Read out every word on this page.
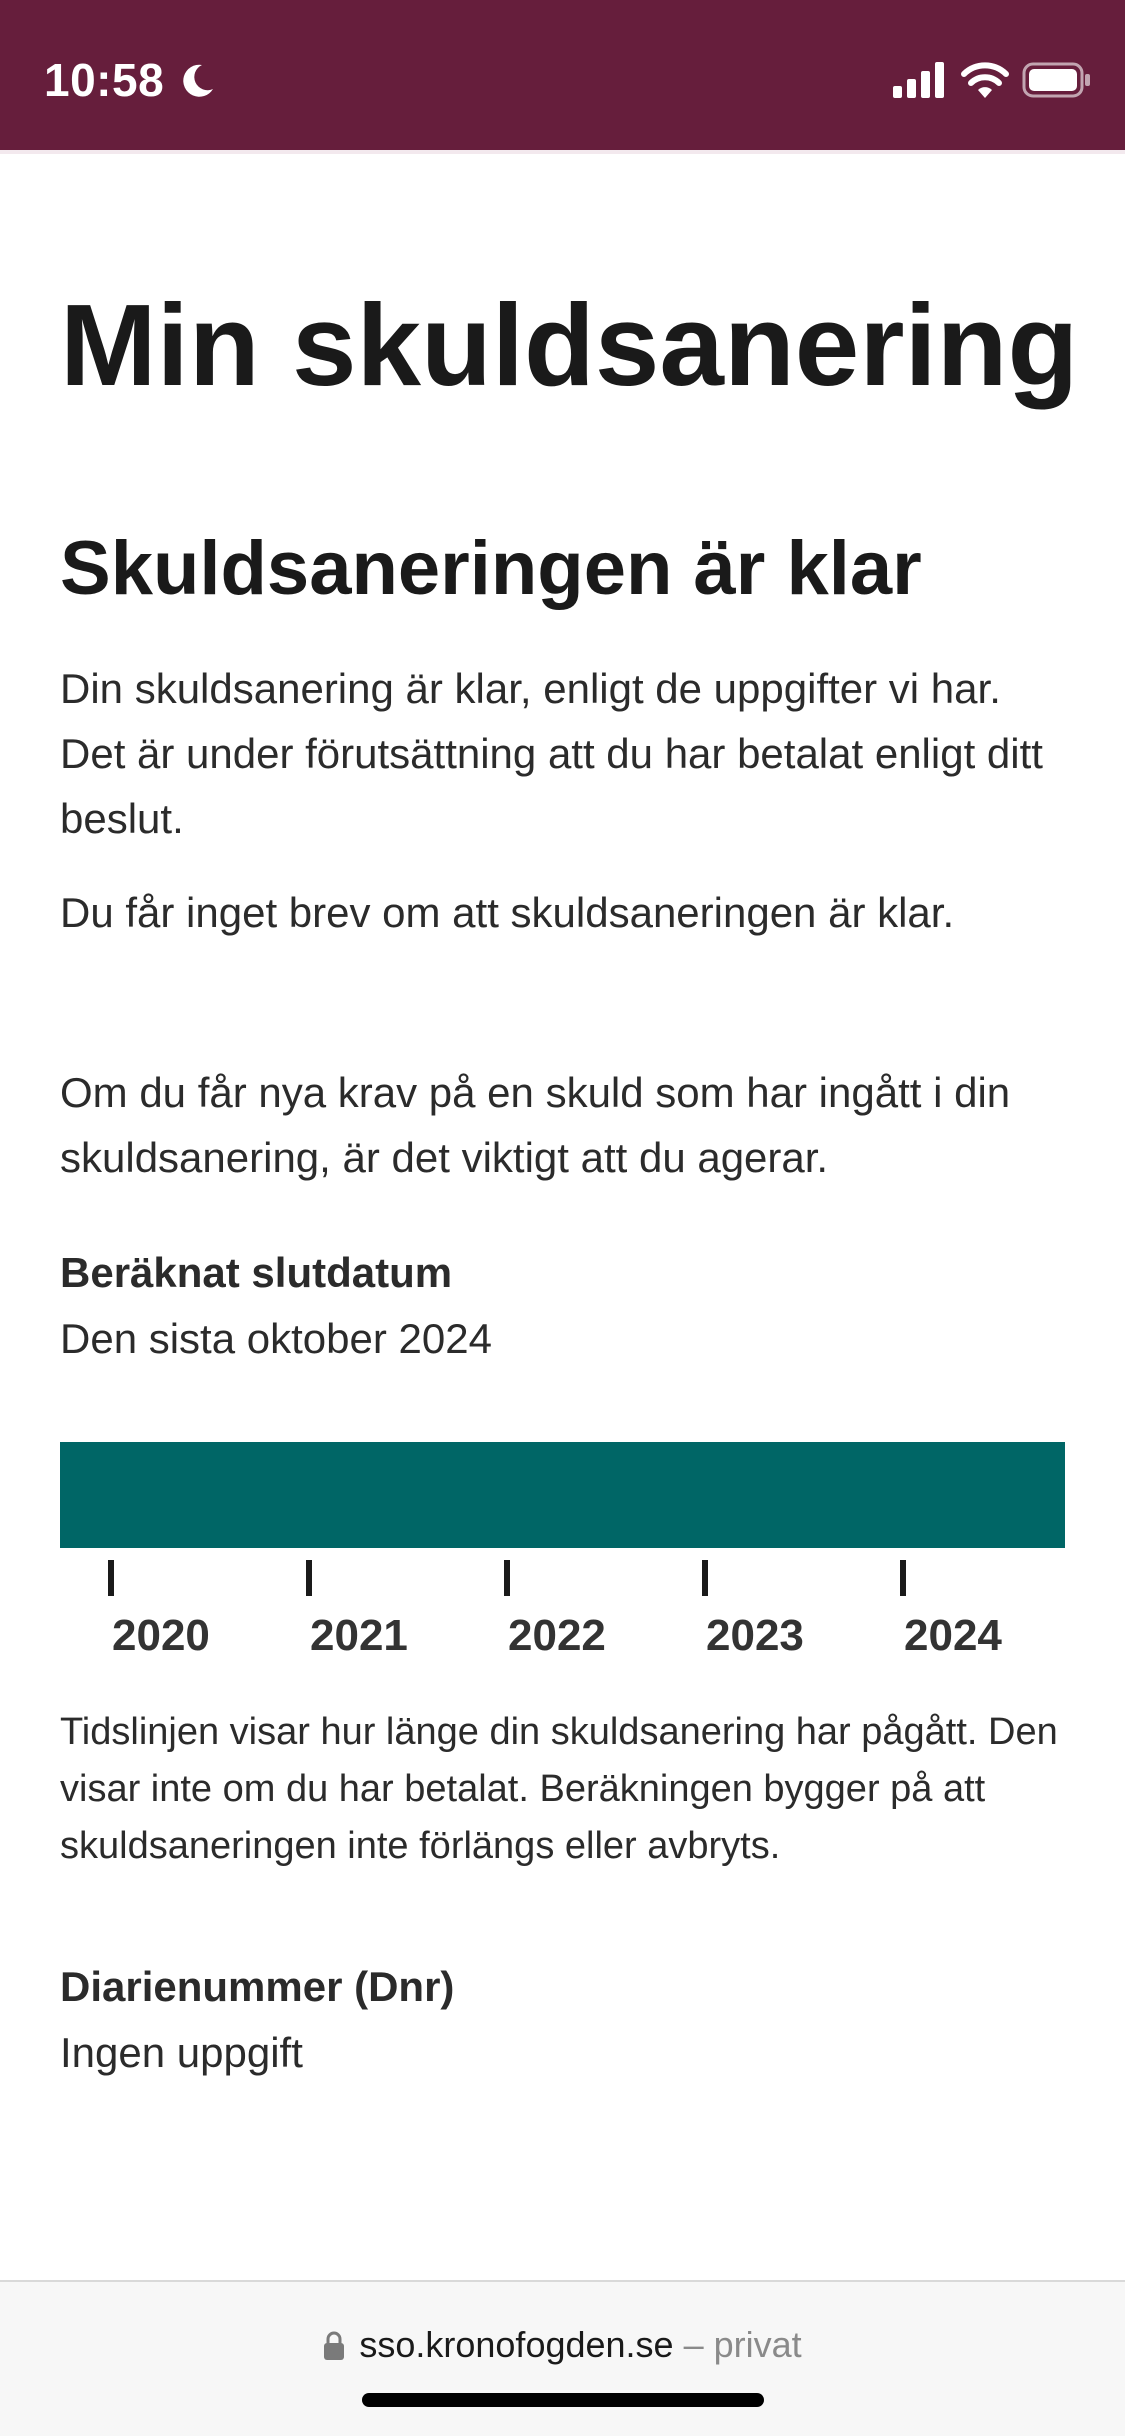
10:58
Min skuldsanering
Skuldsaneringen är klar

Din skuldsanering är klar, enligt de uppgifter vi har. Det är under förutsättning att du har betalat enligt ditt beslut.

Du får inget brev om att skuldsaneringen är klar.

Om du får nya krav på en skuld som har ingått i din skuldsanering, är det viktigt att du agerar.

Beräknat slutdatum
Den sista oktober 2024
2020 2021 2022 2023 2024

Tidslinjen visar hur länge din skuldsanering har pågått. Den visar inte om du har betalat. Beräkningen bygger på att skuldsaneringen inte förlängs eller avbryts.

Diarienummer (Dnr)
Ingen uppgift
sso.kronofogden.se – privat
